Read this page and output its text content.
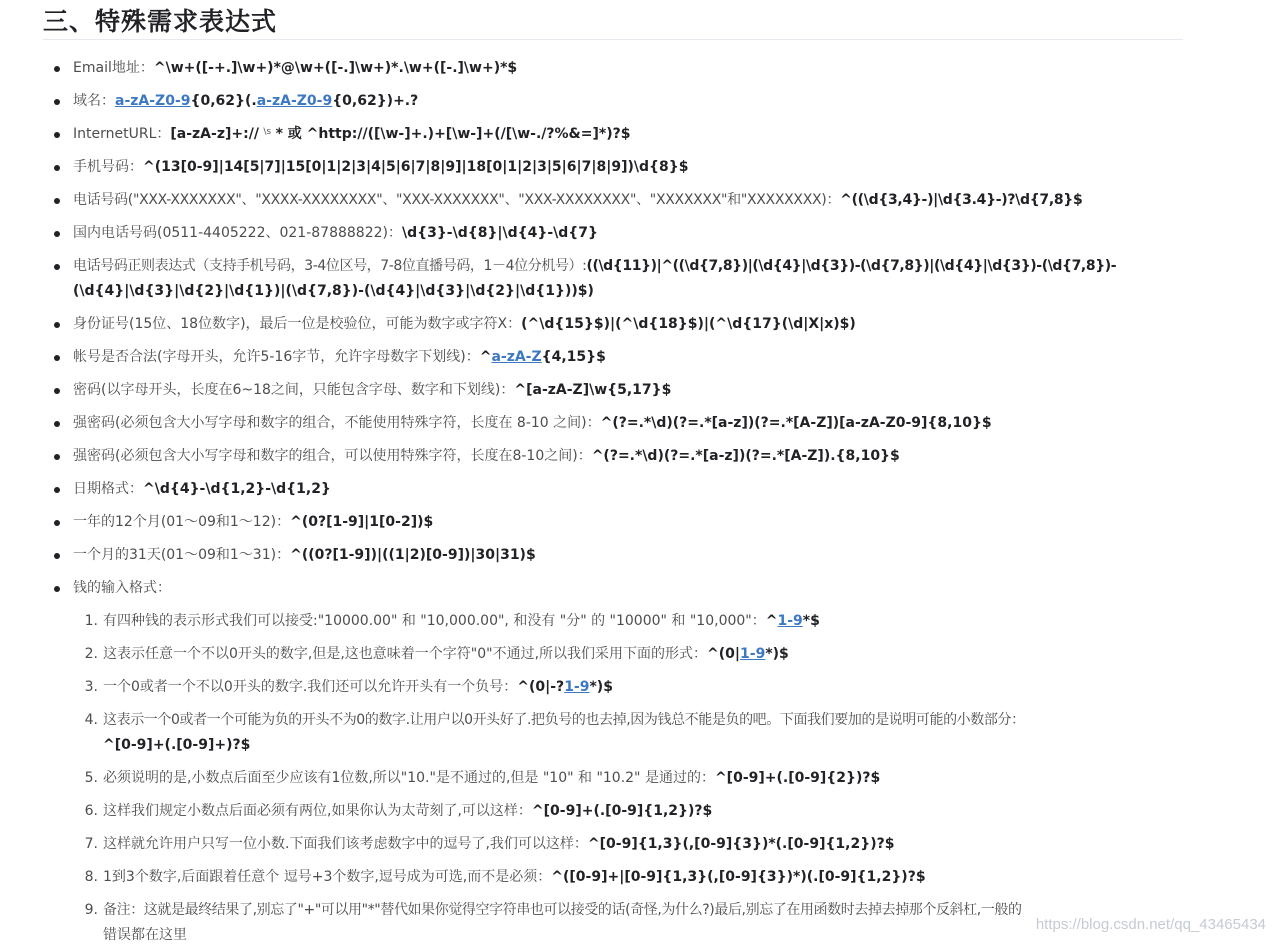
三、特殊需求表达式
Email地址：^\w+([-+.]\w+)*@\w+([-.]\w+)*.\w+([-.]\w+)*$
域名：a-zA-Z0-9{0,62}(.a-zA-Z0-9{0,62})+.?
InternetURL：[a-zA-z]+:// $^{\backslash s}$ * 或 ^http://([\w-]+.)+[\w-]+(/[\w-./?%&=]*)?$
手机号码：^(13[0-9]|14[5|7]|15[0|1|2|3|4|5|6|7|8|9]|18[0|1|2|3|5|6|7|8|9])\d{8}$
电话号码("XXX-XXXXXXX"、"XXXX-XXXXXXXX"、"XXX-XXXXXXX"、"XXX-XXXXXXXX"、"XXXXXXX"和"XXXXXXXX)：^((\d{3,4}-)|\d{3.4}-)?\d{7,8}$
国内电话号码(0511-4405222、021-87888822)：\d{3}-\d{8}|\d{4}-\d{7}
电话号码正则表达式（支持手机号码，3-4位区号，7-8位直播号码，1－4位分机号）:((\d{11})|^((\d{7,8})|(\d{4}|\d{3})-(\d{7,8})|(\d{4}|\d{3})-(\d{7,8})-
(\d{4}|\d{3}|\d{2}|\d{1})|(\d{7,8})-(\d{4}|\d{3}|\d{2}|\d{1}))$)
身份证号(15位、18位数字)，最后一位是校验位，可能为数字或字符X：(^\d{15}$)|(^\d{18}$)|(^\d{17}(\d|X|x)$)
帐号是否合法(字母开头，允许5-16字节，允许字母数字下划线)：^a-zA-Z{4,15}$
密码(以字母开头，长度在6~18之间，只能包含字母、数字和下划线)：^[a-zA-Z]\w{5,17}$
强密码(必须包含大小写字母和数字的组合，不能使用特殊字符，长度在 8-10 之间)：^(?=.*\d)(?=.*[a-z])(?=.*[A-Z])[a-zA-Z0-9]{8,10}$
强密码(必须包含大小写字母和数字的组合，可以使用特殊字符，长度在8-10之间)：^(?=.*\d)(?=.*[a-z])(?=.*[A-Z]).{8,10}$
日期格式：^\d{4}-\d{1,2}-\d{1,2}
一年的12个月(01～09和1～12)：^(0?[1-9]|1[0-2])$
一个月的31天(01～09和1～31)：^((0?[1-9])|((1|2)[0-9])|30|31)$
钱的输入格式：
1. 有四种钱的表示形式我们可以接受:"10000.00" 和 "10,000.00", 和没有 "分" 的 "10000" 和 "10,000"：^1-9*$
2. 这表示任意一个不以0开头的数字,但是,这也意味着一个字符"0"不通过,所以我们采用下面的形式：^(0|1-9*)$
3. 一个0或者一个不以0开头的数字.我们还可以允许开头有一个负号：^(0|-?1-9*)$
4. 这表示一个0或者一个可能为负的开头不为0的数字.让用户以0开头好了.把负号的也去掉,因为钱总不能是负的吧。下面我们要加的是说明可能的小数部分：
^[0-9]+(.[0-9]+)?$
5. 必须说明的是,小数点后面至少应该有1位数,所以"10."是不通过的,但是 "10" 和 "10.2" 是通过的：^[0-9]+(.[0-9]{2})?$
6. 这样我们规定小数点后面必须有两位,如果你认为太苛刻了,可以这样：^[0-9]+(.[0-9]{1,2})?$
7. 这样就允许用户只写一位小数.下面我们该考虑数字中的逗号了,我们可以这样：^[0-9]{1,3}(,[0-9]{3})*(.[0-9]{1,2})?$
8. 1到3个数字,后面跟着任意个 逗号+3个数字,逗号成为可选,而不是必须：^([0-9]+|[0-9]{1,3}(,[0-9]{3})*)(.[0-9]{1,2})?$
9. 备注：这就是最终结果了,别忘了"+"可以用"*"替代如果你觉得空字符串也可以接受的话(奇怪,为什么?)最后,别忘了在用函数时去掉去掉那个反斜杠,一般的
错误都在这里
https://blog.csdn.net/qq_43465434
